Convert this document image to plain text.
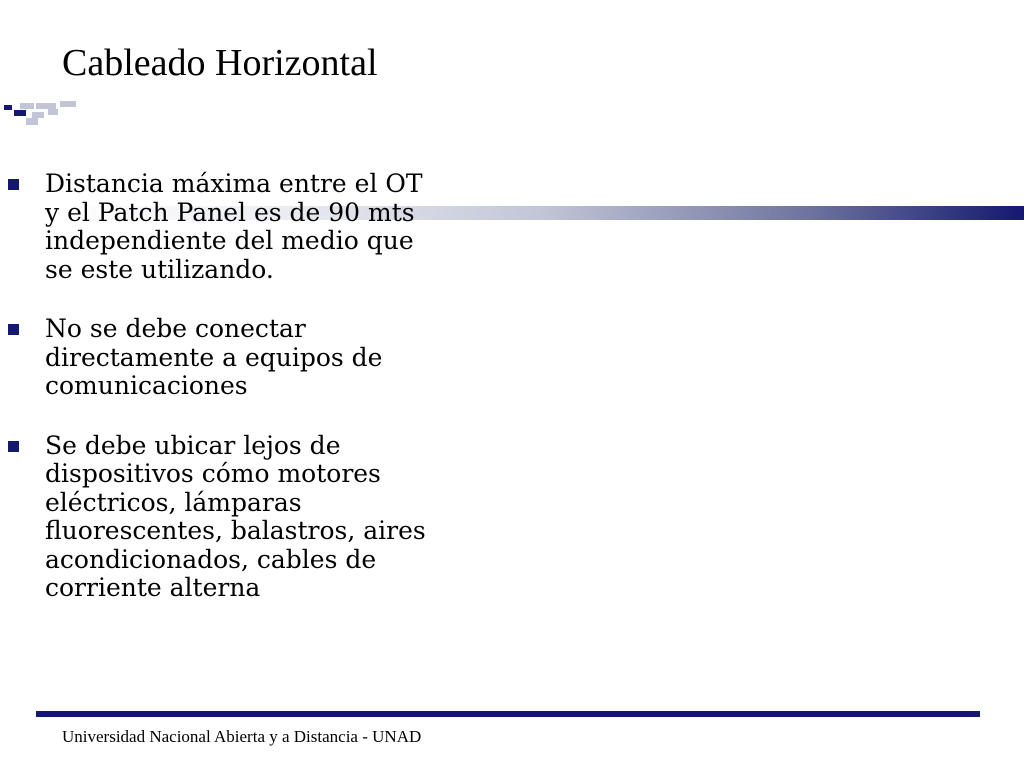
Cableado Horizontal
Distancia máxima entre el OT y el Patch Panel es de 90 mts independiente del medio que se este utilizando.
No se debe conectar directamente a equipos de comunicaciones
Se debe ubicar lejos de dispositivos cómo motores eléctricos, lámparas fluorescentes, balastros, aires acondicionados, cables de corriente alterna
Universidad Nacional Abierta y a Distancia - UNAD
